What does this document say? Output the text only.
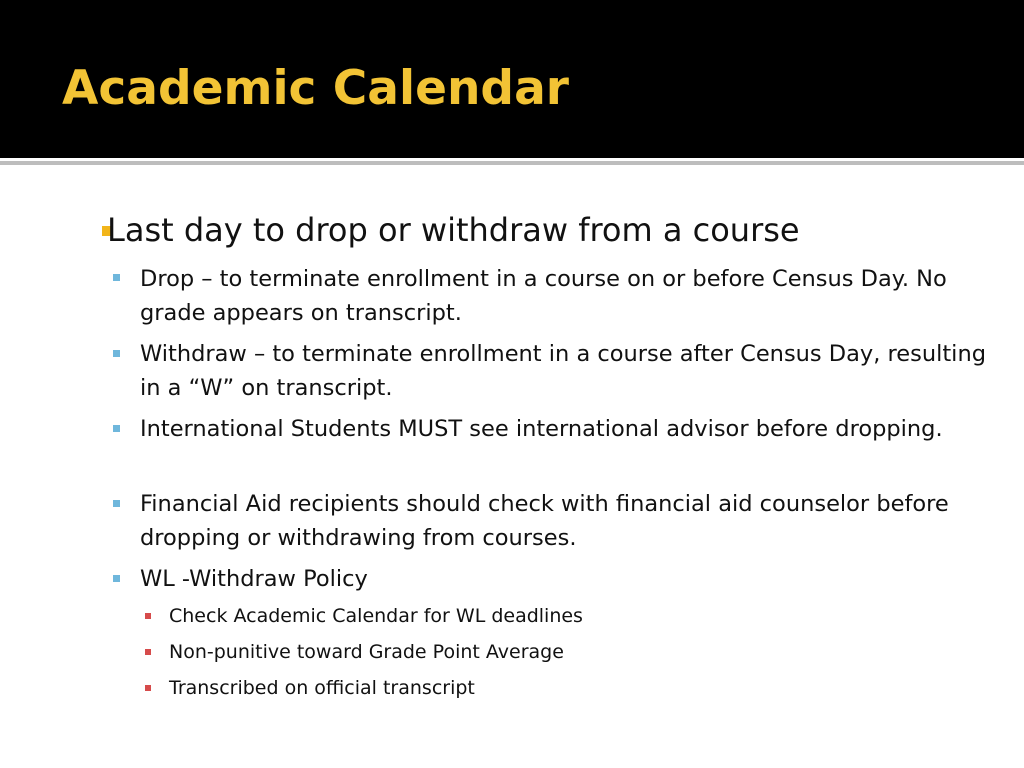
Academic Calendar
Last day to drop or withdraw from a course
Drop – to terminate enrollment in a course on or before Census Day. No grade appears on transcript.
Withdraw – to terminate enrollment in a course after Census Day, resulting in a “W” on transcript.
International Students MUST see international advisor before dropping.
Financial Aid recipients should check with financial aid counselor before dropping or withdrawing from courses.
WL -Withdraw Policy
Check Academic Calendar for WL deadlines
Non-punitive toward Grade Point Average
Transcribed on official transcript
